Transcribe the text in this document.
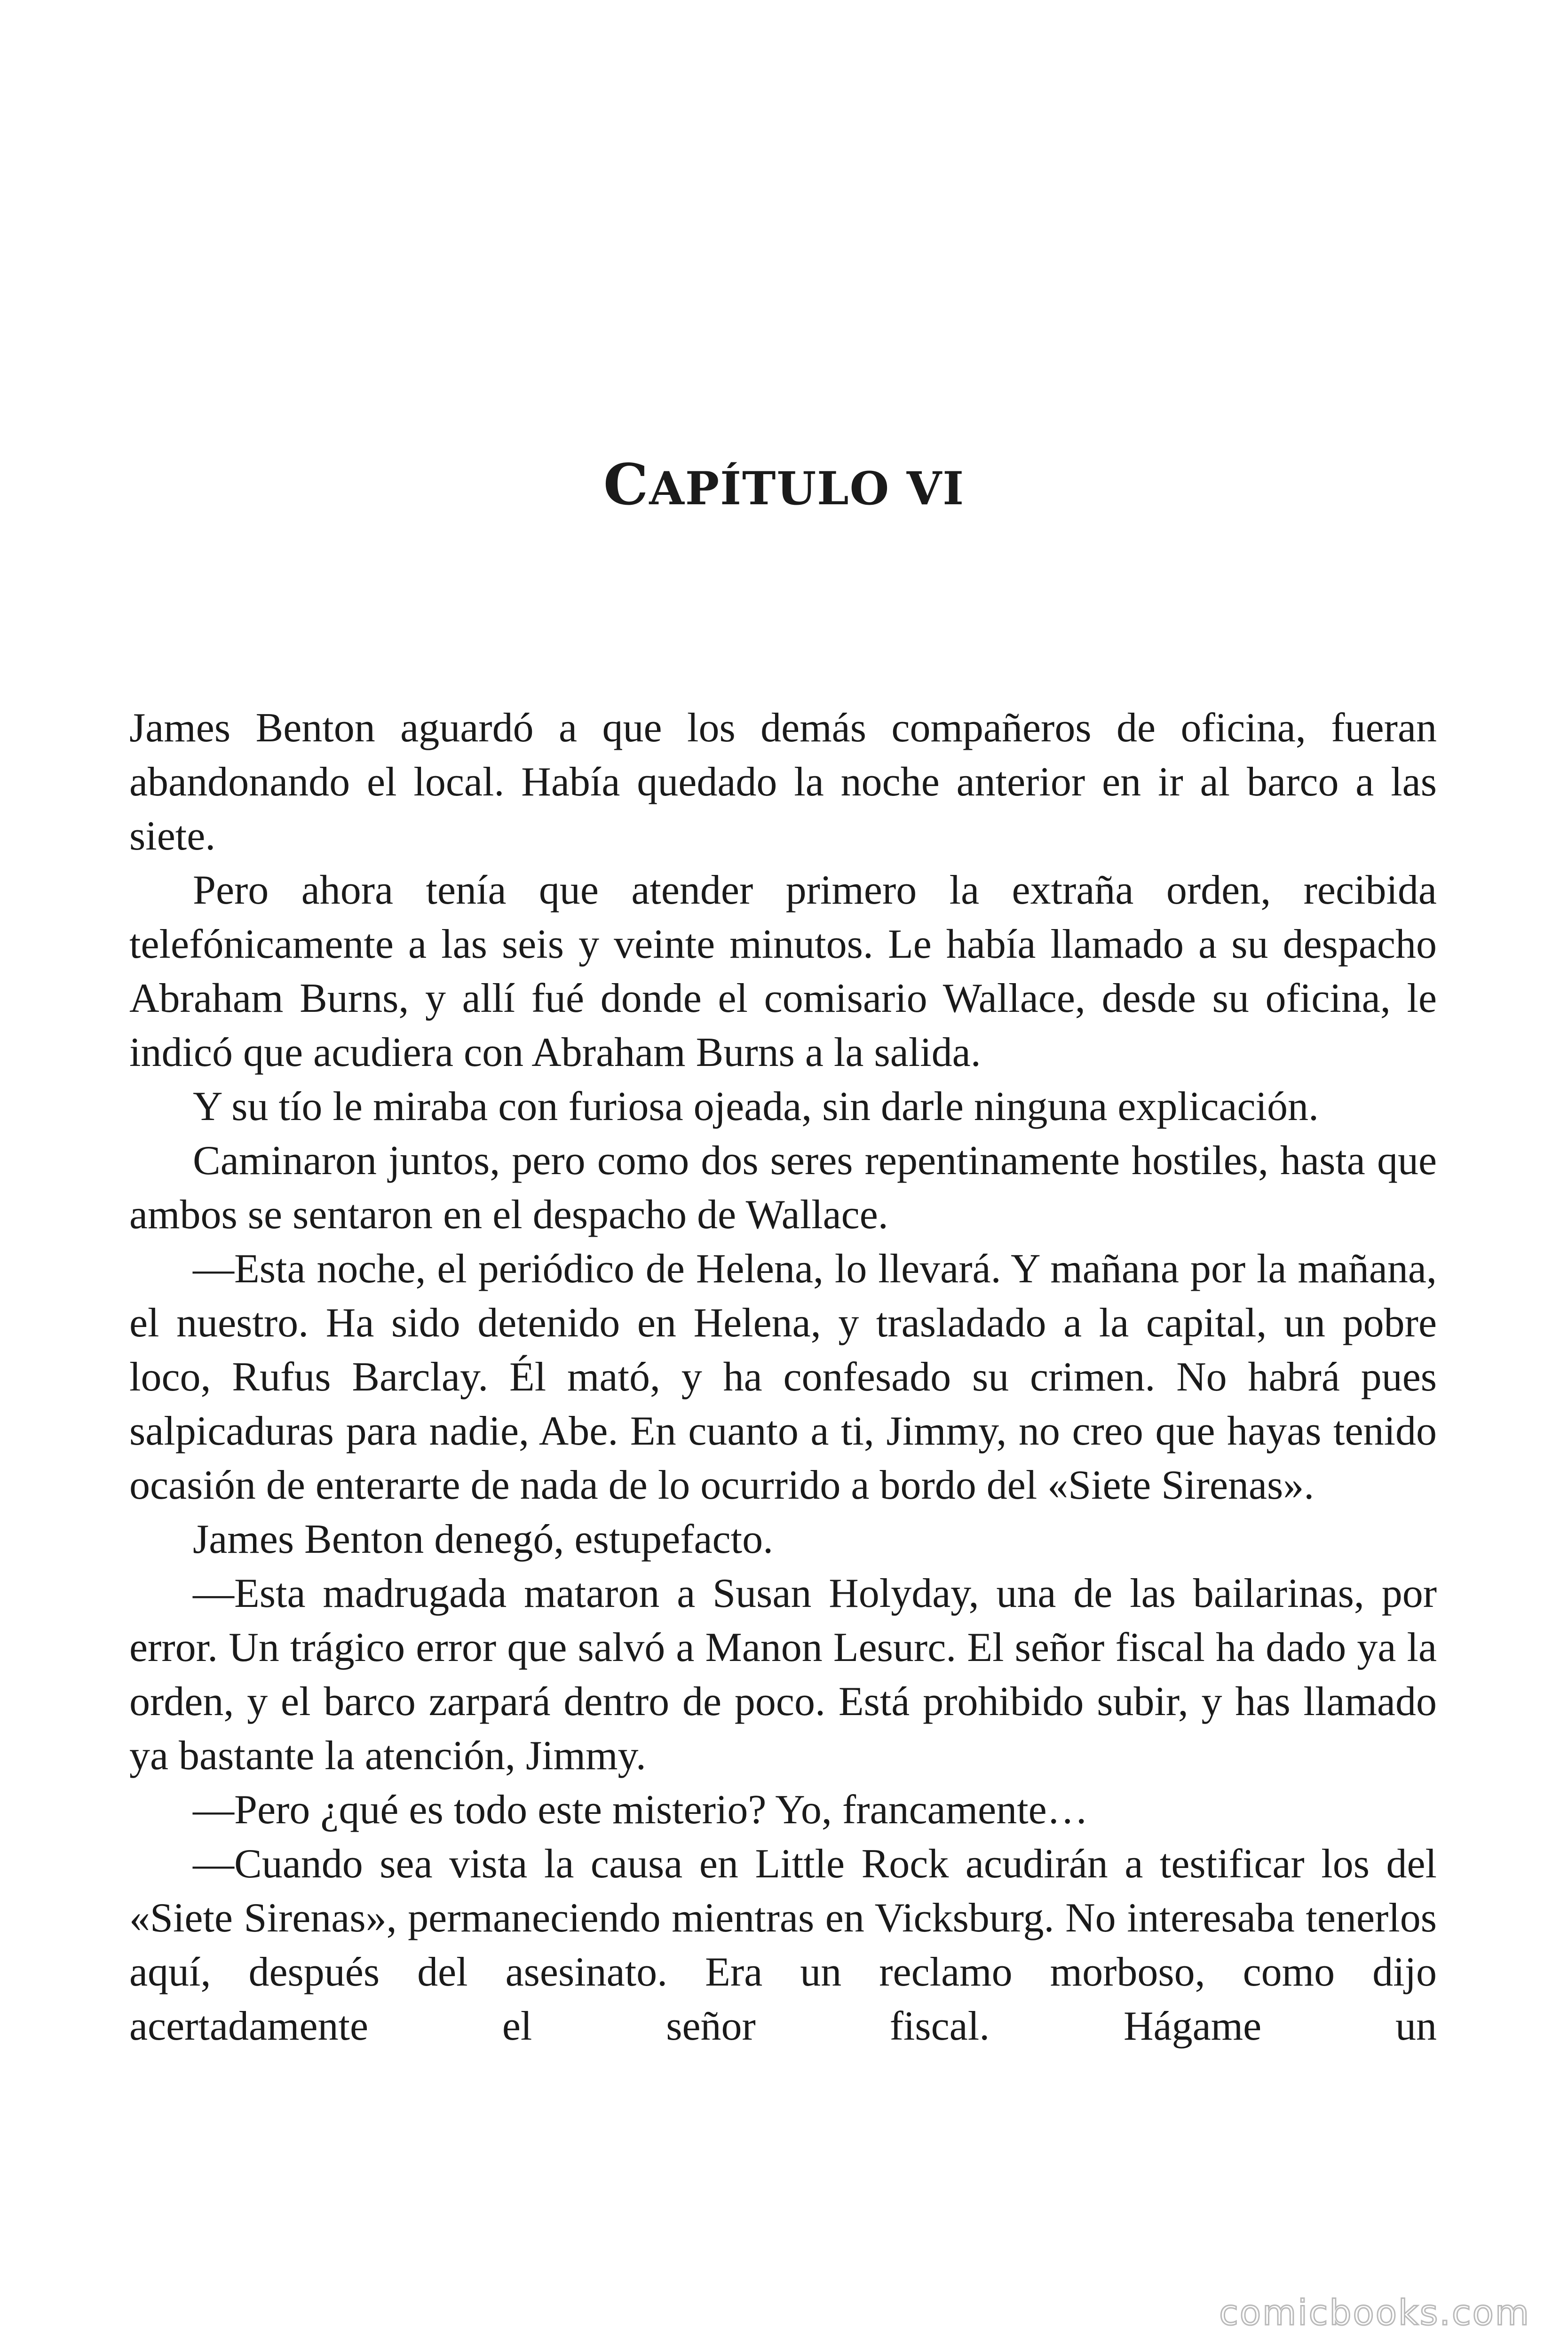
CAPÍTULO VI

James Benton aguardó a que los demás compañeros de oficina, fueran abandonando el local. Había quedado la noche anterior en ir al barco a las siete.

Pero ahora tenía que atender primero la extraña orden, recibida telefónicamente a las seis y veinte minutos. Le había llamado a su despacho Abraham Burns, y allí fué donde el comisario Wallace, desde su oficina, le indicó que acudiera con Abraham Burns a la salida.

Y su tío le miraba con furiosa ojeada, sin darle ninguna explicación.

Caminaron juntos, pero como dos seres repentinamente hostiles, hasta que ambos se sentaron en el despacho de Wallace.

—Esta noche, el periódico de Helena, lo llevará. Y mañana por la mañana, el nuestro. Ha sido detenido en Helena, y trasladado a la capital, un pobre loco, Rufus Barclay. Él mató, y ha confesado su crimen. No habrá pues salpicaduras para nadie, Abe. En cuanto a ti, Jimmy, no creo que hayas tenido ocasión de enterarte de nada de lo ocurrido a bordo del «Siete Sirenas».

James Benton denegó, estupefacto.

—Esta madrugada mataron a Susan Holyday, una de las bailarinas, por error. Un trágico error que salvó a Manon Lesurc. El señor fiscal ha dado ya la orden, y el barco zarpará dentro de poco. Está prohibido subir, y has llamado ya bastante la atención, Jimmy.

—Pero ¿qué es todo este misterio? Yo, francamente…

—Cuando sea vista la causa en Little Rock acudirán a testificar los del «Siete Sirenas», permaneciendo mientras en Vicksburg. No interesaba tenerlos aquí, después del asesinato. Era un reclamo morboso, como dijo acertadamente el señor fiscal. Hágame un

comicbooks.com
